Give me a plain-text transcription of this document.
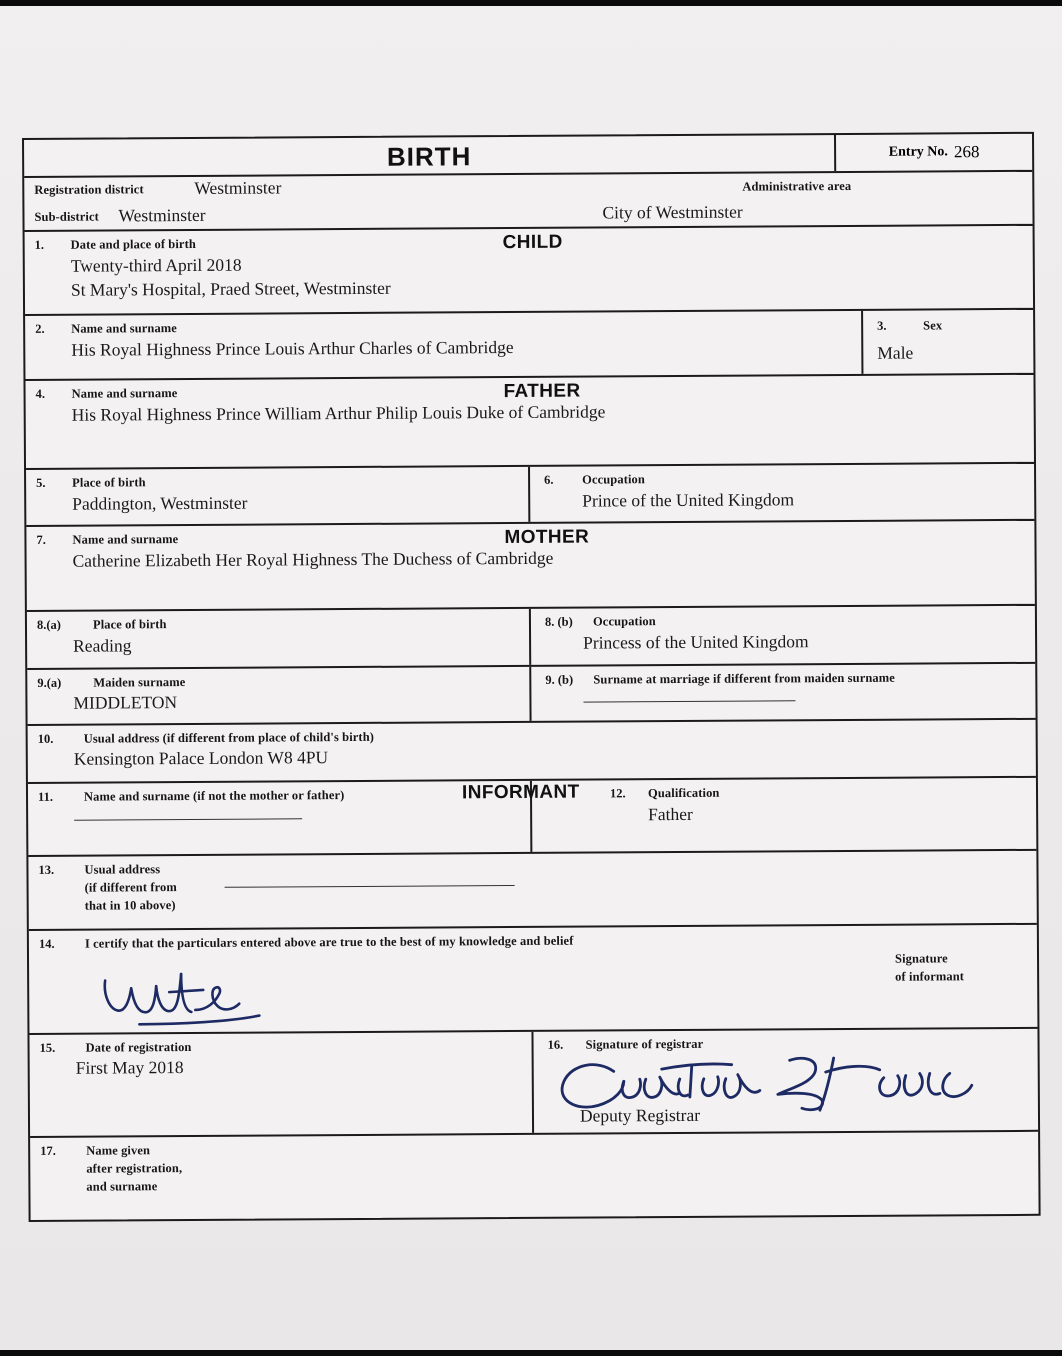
BIRTH	Entry No. 268
Registration district	Westminster	Administrative area
Sub-district Westminster	City of Westminster
1. Date and place of birth	CHILD
Twenty-third April 2018
St Mary's Hospital, Praed Street, Westminster
2. Name and surname
His Royal Highness Prince Louis Arthur Charles of Cambridge
3.	Sex
Male
4. Name and surname	FATHER
His Royal Highness Prince William Arthur Philip Louis Duke of Cambridge
5. Place of birth
Paddington, Westminster
6. Occupation
Prince of the United Kingdom
7. Name and surname	MOTHER
Catherine Elizabeth Her Royal Highness The Duchess of Cambridge
8.(a)	Place of birth
Reading
8. (b) Occupation
Princess of the United Kingdom
9.(a)	Maiden surname
MIDDLETON
9. (b) Surname at marriage if different from maiden surname
10. Usual address (if different from place of child's birth)
Kensington Palace London W8 4PU
11. Name and surname (if not the mother or father)	INFORMANT 12. Qualification
Father
13. Usual address
(if different from
that in 10 above)
14. I certify that the particulars entered above are true to the best of my knowledge and belief
Signature
of informant
15. Date of registration
First May 2018
16. Signature of registrar
Deputy Registrar
17. Name given
after registration,
and surname
